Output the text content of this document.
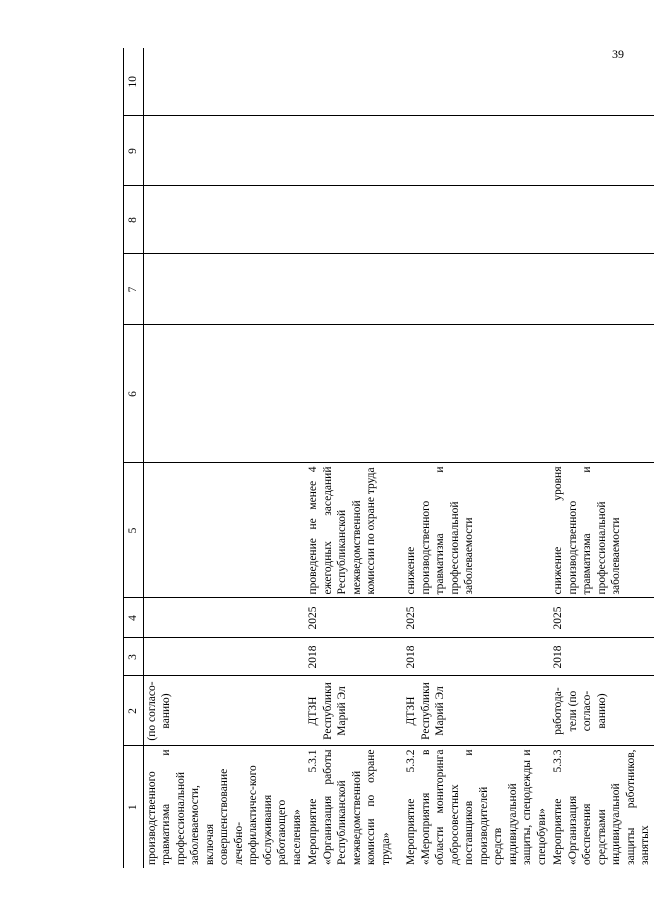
39
1	2	3	4	5	6	7	8	9	10
производственного травматизма и профессиональной заболеваемости, включая совершенствование лечебно-профилактичес-кого обслуживания работающего населения»	(по согласо-ванию)								
Мероприятие 5.3.1 «Организация работы Республиканской межведомственной комиссии по охране труда»	ДТЗН Республики Марий Эл	2018	2025	проведение не менее 4 ежегодных заседаний Республиканской межведомственной комиссии по охране труда					
Мероприятие 5.3.2 «Мероприятия в области мониторинга добросовестных поставщиков и производителей средств индивидуальной защиты, спецодежды и спецобуви»	ДТЗН Республики Марий Эл	2018	2025	снижение производственного травматизма и профессиональной заболеваемости					
Мероприятие 5.3.3 «Организация обеспечения средствами индивидуальной защиты работников, занятых	работода-тели (по согласо-ванию)	2018	2025	снижение уровня производственного травматизма и профессиональной заболеваемости					
